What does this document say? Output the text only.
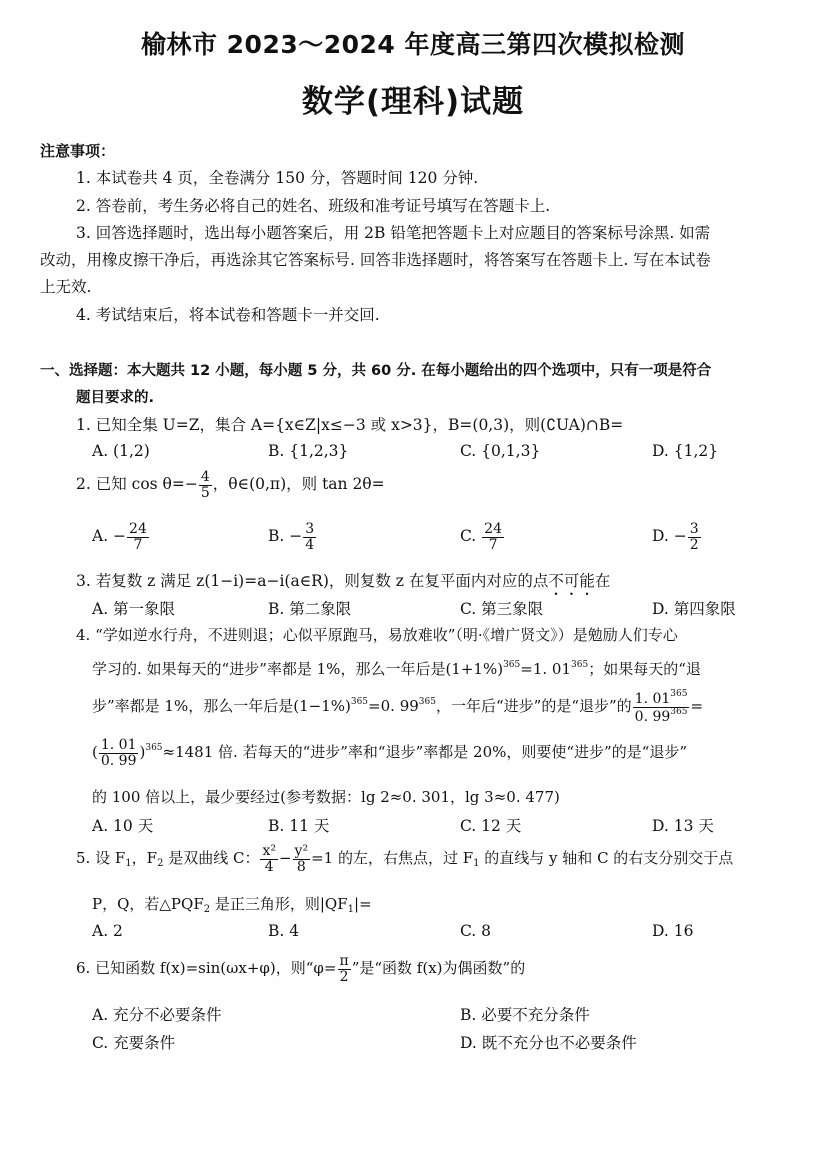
榆林市 2023～2024 年度高三第四次模拟检测
数学(理科)试题
注意事项：
1. 本试卷共 4 页，全卷满分 150 分，答题时间 120 分钟.
2. 答卷前，考生务必将自己的姓名、班级和准考证号填写在答题卡上.
3. 回答选择题时，选出每小题答案后，用 2B 铅笔把答题卡上对应题目的答案标号涂黑. 如需
改动，用橡皮擦干净后，再选涂其它答案标号. 回答非选择题时，将答案写在答题卡上. 写在本试卷
上无效.
4. 考试结束后，将本试卷和答题卡一并交回.
一、选择题：本大题共 12 小题，每小题 5 分，共 60 分. 在每小题给出的四个选项中，只有一项是符合
题目要求的.
1. 已知全集 U=Z，集合 A={x∈Z|x≤−3 或 x>3}，B=(0,3)，则(∁UA)∩B=
A. (1,2)	B. {1,2,3}	C. {0,1,3}	D. {1,2}
2. 已知 $\cos \theta=- \frac{4}{5}$ ，θ∈(0,π)，则 tan 2θ=
A. − $\frac{24}{7}$	B. − $\frac{3}{4}$	C. $\frac{24}{7}$	D. − $\frac{3}{2}$
3. 若复数 z 满足 z(1−i)=a−i(a∈R)，则复数 z 在复平面内对应的点不可能在
A. 第一象限	B. 第二象限	C. 第三象限	D. 第四象限
4. “学如逆水行舟，不进则退；心似平原跑马，易放难收”（明·《增广贤文》）是勉励人们专心
学习的. 如果每天的“进步”率都是 1%，那么一年后是$(1+1\%)^{365}=1$. $01^{365}$；如果每天的“退
步”率都是 1%，那么一年后是$(1-1\%)^{365}=0$. $99^{365}$，一年后“进步”的是“退步”的 $\frac{1. 01^{365}}{0. 99^{365}}$ =
( $\frac{1. 01}{0. 99} )^{365}\approx 1481$ 倍. 若每天的“进步”率和“退步”率都是 20%，则要使“进步”的是“退步”
的 100 倍以上，最少要经过(参考数据：lg 2≈0. 301，lg 3≈0. 477)
A. 10 天	B. 11 天	C. 12 天	D. 13 天
5. 设 $F_1$，$F_2$ 是双曲线 C： $\frac{\text{x²}}{4} - \frac{\text{y²}}{8} =1$ 的左，右焦点，过 $F_1$ 的直线与 y 轴和 C 的右支分别交于点
P，Q，若$\triangle PQF_2$ 是正三角形，则$|QF_1|=$
A. 2	B. 4	C. 8	D. 16
6. 已知函数 f(x)=sin(ωx+φ)，则“$\varphi= \frac{\pi}{2}$ ”是“函数 f(x)为偶函数”的
A. 充分不必要条件	B. 必要不充分条件
C. 充要条件	D. 既不充分也不必要条件
